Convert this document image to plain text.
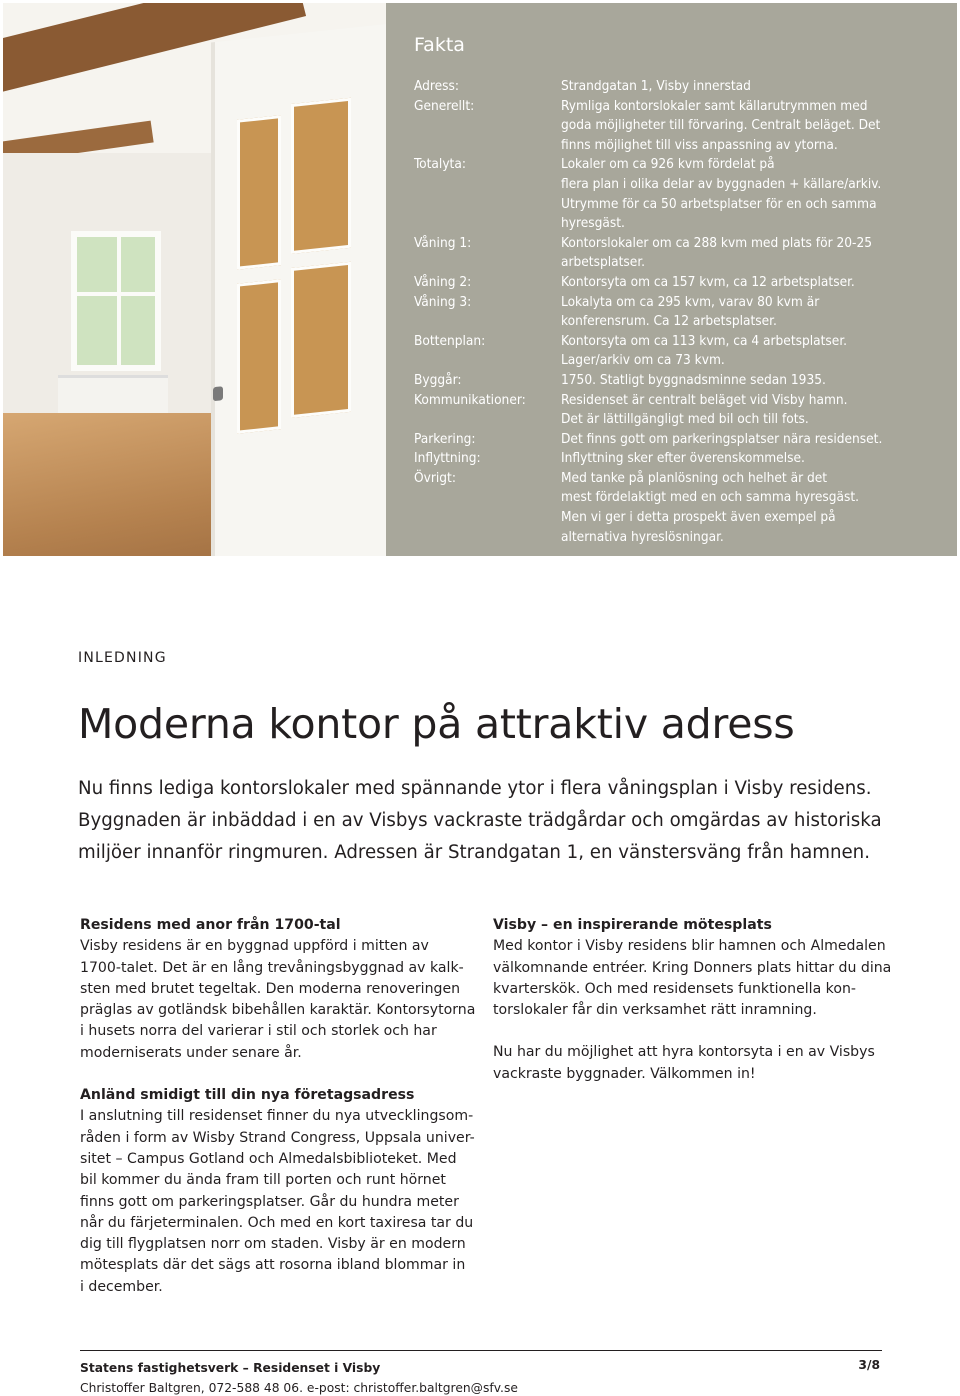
Fakta
Adress:	Strandgatan 1, Visby innerstad
Generellt:	Rymliga kontorslokaler samt källarutrymmen med
goda möjligheter till förvaring. Centralt beläget. Det
finns möjlighet till viss anpassning av ytorna.
Totalyta:	Lokaler om ca 926 kvm fördelat på
flera plan i olika delar av byggnaden + källare/arkiv.
Utrymme för ca 50 arbetsplatser för en och samma
hyresgäst.
Våning 1:	Kontorslokaler om ca 288 kvm med plats för 20-25
arbetsplatser.
Våning 2:	Kontorsyta om ca 157 kvm, ca 12 arbetsplatser.
Våning 3:	Lokalyta om ca 295 kvm, varav 80 kvm är
konferensrum. Ca 12 arbetsplatser.
Bottenplan:	Kontorsyta om ca 113 kvm, ca 4 arbetsplatser.
Lager/arkiv om ca 73 kvm.
Byggår:	1750. Statligt byggnadsminne sedan 1935.
Kommunikationer:	Residenset är centralt beläget vid Visby hamn.
Det är lättillgängligt med bil och till fots.
Parkering:	Det finns gott om parkeringsplatser nära residenset.
Inflyttning:	Inflyttning sker efter överenskommelse.
Övrigt:	Med tanke på planlösning och helhet är det
mest fördelaktigt med en och samma hyresgäst.
Men vi ger i detta prospekt även exempel på
alternativa hyreslösningar.
INLEDNING
Moderna kontor på attraktiv adress
Nu finns lediga kontorslokaler med spännande ytor i flera våningsplan i Visby residens.
Byggnaden är inbäddad i en av Visbys vackraste trädgårdar och omgärdas av historiska
miljöer innanför ringmuren. Adressen är Strandgatan 1, en vänstersväng från hamnen.
Residens med anor från 1700-tal

Visby residens är en byggnad uppförd i mitten av
1700-talet. Det är en lång trevåningsbyggnad av kalk-
sten med brutet tegeltak. Den moderna renoveringen
präglas av gotländsk bibehållen karaktär. Kontorsytorna
i husets norra del varierar i stil och storlek och har
moderniserats under senare år.

Anländ smidigt till din nya företagsadress

I anslutning till residenset finner du nya utvecklingsom-
råden i form av Wisby Strand Congress, Uppsala univer-
sitet – Campus Gotland och Almedalsbiblioteket. Med
bil kommer du ända fram till porten och runt hörnet
finns gott om parkeringsplatser. Går du hundra meter
når du färjeterminalen. Och med en kort taxiresa tar du
dig till flygplatsen norr om staden. Visby är en modern
mötesplats där det sägs att rosorna ibland blommar in
i december.

Visby – en inspirerande mötesplats

Med kontor i Visby residens blir hamnen och Almedalen
välkomnande entréer. Kring Donners plats hittar du dina
kvarterskök. Och med residensets funktionella kon-
torslokaler får din verksamhet rätt inramning.

Nu har du möjlighet att hyra kontorsyta i en av Visbys
vackraste byggnader. Välkommen in!

Statens fastighetsverk – Residenset i Visby
Christoffer Baltgren, 072-588 48 06. e-post: christoffer.baltgren@sfv.se
3/8
